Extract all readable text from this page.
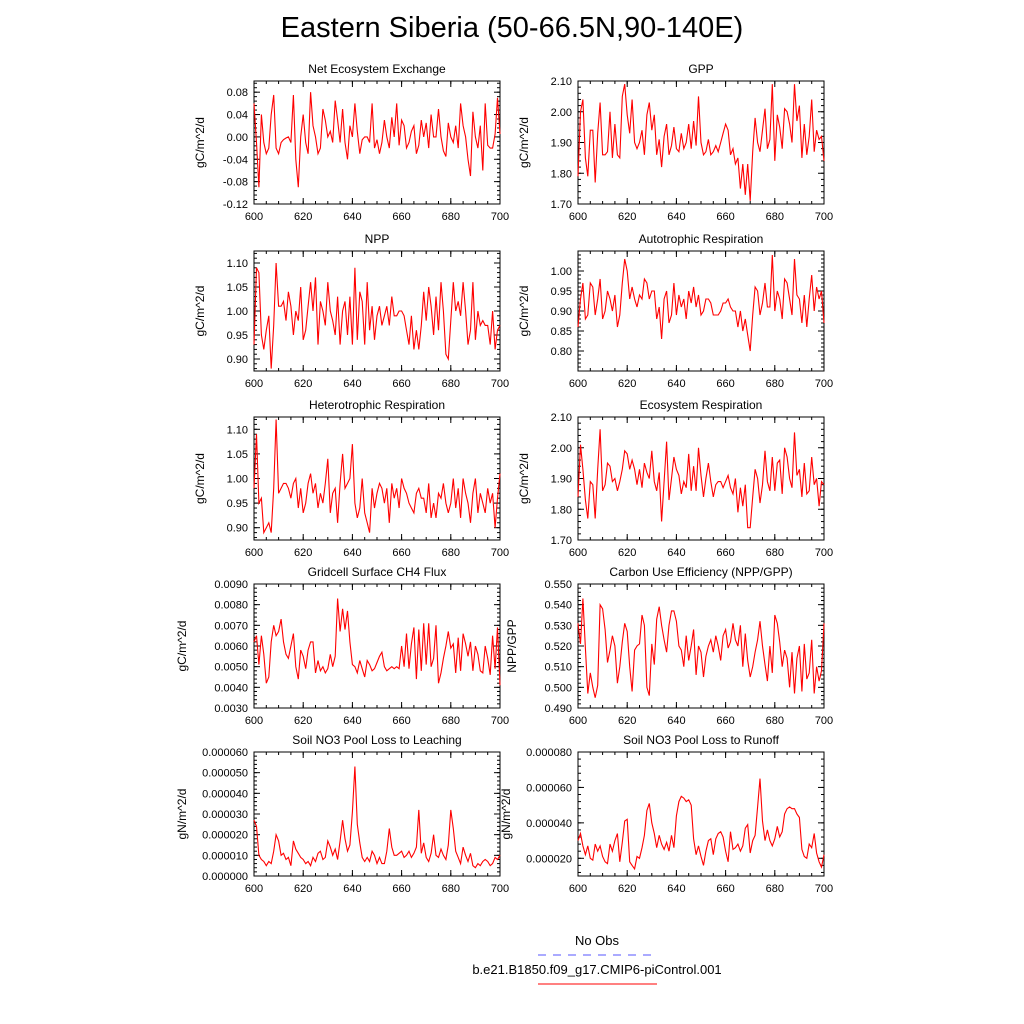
Eastern Siberia (50-66.5N,90-140E)
Net Ecosystem Exchange
gC/m^2/d
600	620	640	660	680	700
-0.12
-0.08
-0.04
0.00
0.04
0.08
GPP
gC/m^2/d
600	620	640	660	680	700
1.70
1.80
1.90
2.00
2.10
NPP
gC/m^2/d
600	620	640	660	680	700
0.90
0.95
1.00
1.05
1.10
Autotrophic Respiration
gC/m^2/d
600	620	640	660	680	700
0.80
0.85
0.90
0.95
1.00
Heterotrophic Respiration
gC/m^2/d
600	620	640	660	680	700
0.90
0.95
1.00
1.05
1.10
Ecosystem Respiration
gC/m^2/d
600	620	640	660	680	700
1.70
1.80
1.90
2.00
2.10
Gridcell Surface CH4 Flux
gC/m^2/d
600	620	640	660	680	700
0.0030
0.0040
0.0050
0.0060
0.0070
0.0080
0.0090
Carbon Use Efficiency (NPP/GPP)
NPP/GPP
600	620	640	660	680	700
0.490
0.500
0.510
0.520
0.530
0.540
0.550
Soil NO3 Pool Loss to Leaching
gN/m^2/d
600	620	640	660	680	700
0.000000
0.000010
0.000020
0.000030
0.000040
0.000050
0.000060
Soil NO3 Pool Loss to Runoff
gN/m^2/d
600	620	640	660	680	700
0.000020
0.000040
0.000060
0.000080
No Obs
b.e21.B1850.f09_g17.CMIP6-piControl.001
